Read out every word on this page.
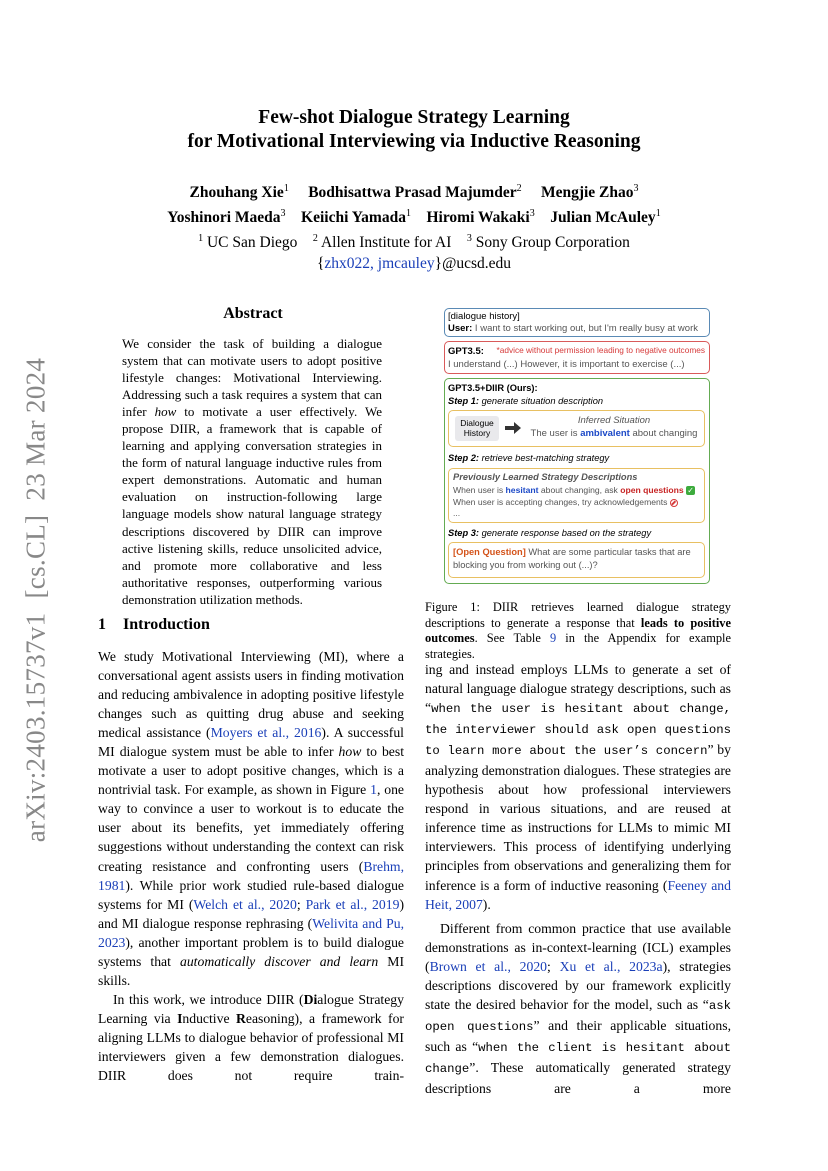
Few-shot Dialogue Strategy Learning
for Motivational Interviewing via Inductive Reasoning
Zhouhang Xie$^1$ Bodhisattwa Prasad Majumder$^2$ Mengjie Zhao$^3$
Yoshinori Maeda$^3$ Keiichi Yamada$^1$ Hiromi Wakaki$^3$ Julian McAuley$^1$
$^1$ UC San Diego $^2$ Allen Institute for AI $^3$ Sony Group Corporation
{zhx022, jmcauley}@ucsd.edu
arXiv:2403.15737v1  [cs.CL]  23 Mar 2024
Abstract
We consider the task of building a dialogue system that can motivate users to adopt positive lifestyle changes: Motivational Interviewing. Addressing such a task requires a system that can infer how to motivate a user effectively. We propose DIIR, a framework that is capable of learning and applying conversation strategies in the form of natural language inductive rules from expert demonstrations. Automatic and human evaluation on instruction-following large language models show natural language strategy descriptions discovered by DIIR can improve active listening skills, reduce unsolicited advice, and promote more collaborative and less authoritative responses, outperforming various demonstration utilization methods.
1 Introduction

We study Motivational Interviewing (MI), where a conversational agent assists users in finding motivation and reducing ambivalence in adopting positive lifestyle changes such as quitting drug abuse and seeking medical assistance (Moyers et al., 2016). A successful MI dialogue system must be able to infer how to best motivate a user to adopt positive changes, which is a nontrivial task. For example, as shown in Figure 1, one way to convince a user to workout is to educate the user about its benefits, yet immediately offering suggestions without understanding the context can risk creating resistance and confronting users (Brehm, 1981). While prior work studied rule-based dialogue systems for MI (Welch et al., 2020; Park et al., 2019) and MI dialogue response rephrasing (Welivita and Pu, 2023), another important problem is to build dialogue systems that automatically discover and learn MI skills.

In this work, we introduce DIIR (Dialogue Strategy Learning via Inductive Reasoning), a framework for aligning LLMs to dialogue behavior of professional MI interviewers given a few demonstration dialogues. DIIR does not require train-

[dialogue history]
User: I want to start working out, but I'm really busy at work
GPT3.5: *advice without permission leading to negative outcomes
I understand (...) However, it is important to exercise (...)
GPT3.5+DIIR (Ours):
Step 1: generate situation description
Dialogue
History
Inferred Situation
The user is ambivalent about changing
Step 2: retrieve best-matching strategy
Previously Learned Strategy Descriptions
When user is hesitant about changing, ask open questions ✓
When user is accepting changes, try acknowledgements
...
Step 3: generate response based on the strategy
[Open Question] What are some particular tasks that are blocking you from working out (...)?
Figure 1: DIIR retrieves learned dialogue strategy descriptions to generate a response that leads to positive outcomes. See Table 9 in the Appendix for example strategies.

ing and instead employs LLMs to generate a set of natural language dialogue strategy descriptions, such as “when the user is hesitant about change, the interviewer should ask open questions to learn more about the user’s concern” by analyzing demonstration dialogues. These strategies are hypothesis about how professional interviewers respond in various situations, and are reused at inference time as instructions for LLMs to mimic MI interviewers. This process of identifying underlying principles from observations and generalizing them for inference is a form of inductive reasoning (Feeney and Heit, 2007).

Different from common practice that use available demonstrations as in-context-learning (ICL) examples (Brown et al., 2020; Xu et al., 2023a), strategies descriptions discovered by our framework explicitly state the desired behavior for the model, such as “ask open questions” and their applicable situations, such as “when the client is hesitant about change”. These automatically generated strategy descriptions are a more
